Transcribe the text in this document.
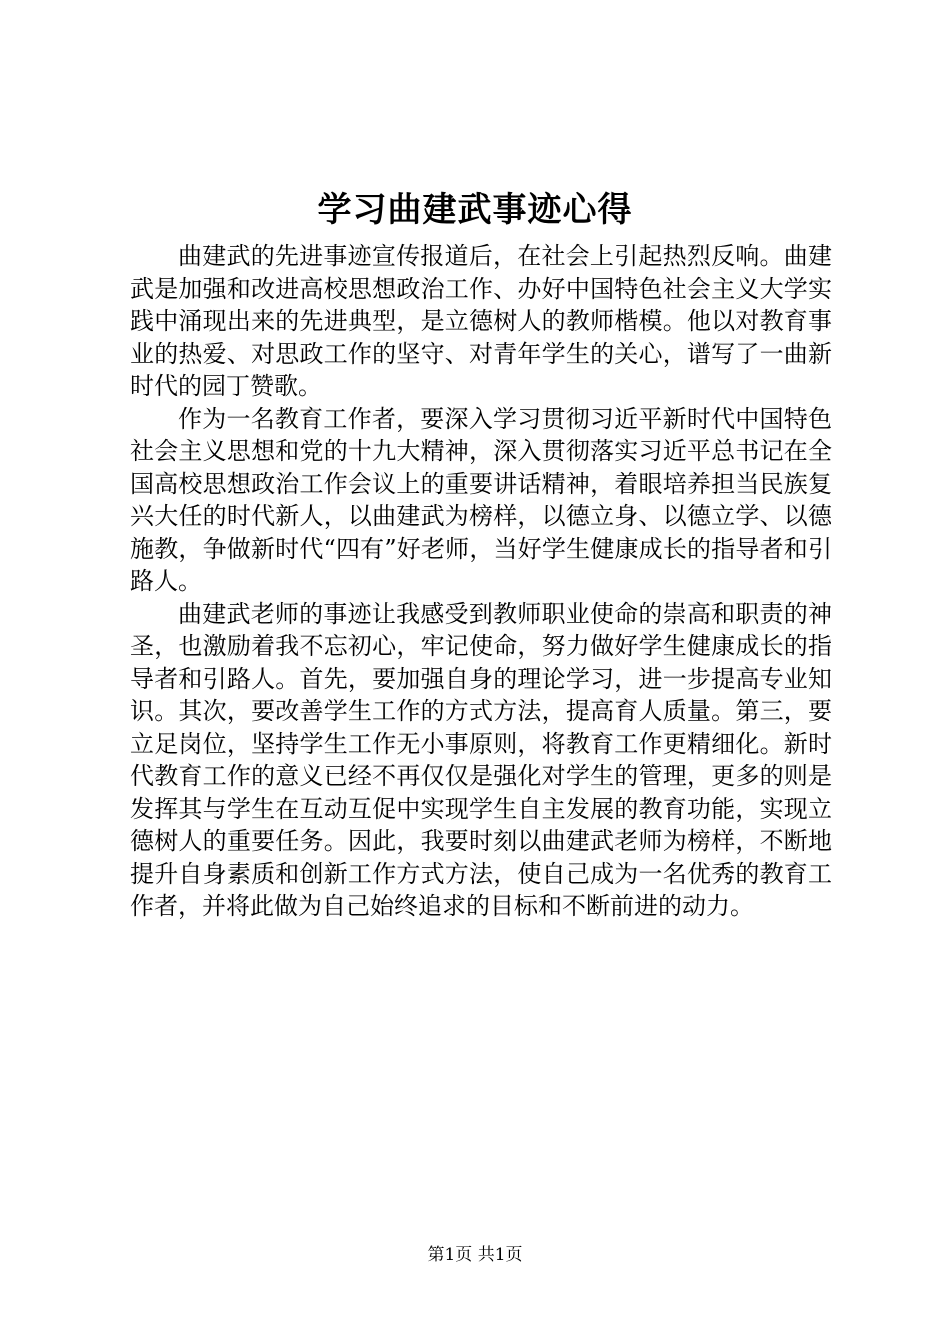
学习曲建武事迹心得

曲建武的先进事迹宣传报道后，在社会上引起热烈反响。曲建武是加强和改进高校思想政治工作、办好中国特色社会主义大学实践中涌现出来的先进典型，是立德树人的教师楷模。他以对教育事业的热爱、对思政工作的坚守、对青年学生的关心，谱写了一曲新时代的园丁赞歌。

作为一名教育工作者，要深入学习贯彻习近平新时代中国特色社会主义思想和党的十九大精神，深入贯彻落实习近平总书记在全国高校思想政治工作会议上的重要讲话精神，着眼培养担当民族复兴大任的时代新人，以曲建武为榜样，以德立身、以德立学、以德施教，争做新时代“四有”好老师，当好学生健康成长的指导者和引路人。

曲建武老师的事迹让我感受到教师职业使命的崇高和职责的神圣，也激励着我不忘初心，牢记使命，努力做好学生健康成长的指导者和引路人。首先，要加强自身的理论学习，进一步提高专业知识。其次，要改善学生工作的方式方法，提高育人质量。第三，要立足岗位，坚持学生工作无小事原则，将教育工作更精细化。新时代教育工作的意义已经不再仅仅是强化对学生的管理，更多的则是发挥其与学生在互动互促中实现学生自主发展的教育功能，实现立德树人的重要任务。因此，我要时刻以曲建武老师为榜样，不断地提升自身素质和创新工作方式方法，使自己成为一名优秀的教育工作者，并将此做为自己始终追求的目标和不断前进的动力。

第1页 共1页
